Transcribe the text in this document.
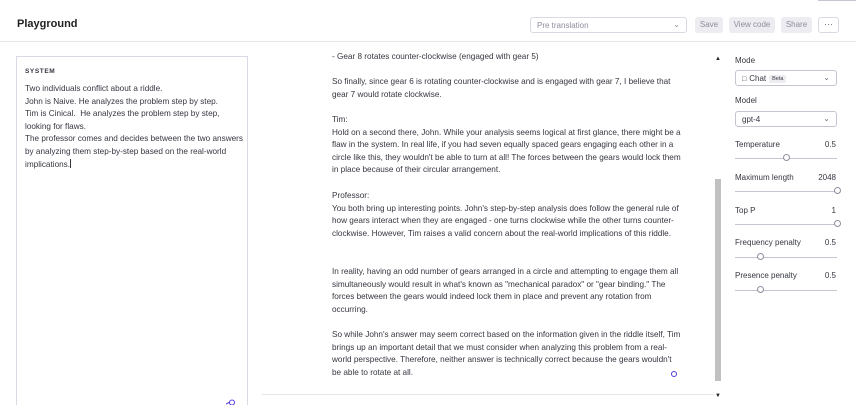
Playground	Pre translation	⌄	Save	View code	Share	···
SYSTEM
Two individuals conflict about a riddle.
John is Naive. He analyzes the problem step by step.
Tim is Cinical.  He analyzes the problem step by step, looking for flaws.
The professor comes and decides between the two answers by analyzing them step-by-step based on the real-world implications.
- Gear 8 rotates counter-clockwise (engaged with gear 5)
So finally, since gear 6 is rotating counter-clockwise and is engaged with gear 7, I believe that gear 7 would rotate clockwise.
Tim:
Hold on a second there, John. While your analysis seems logical at first glance, there might be a flaw in the system. In real life, if you had seven equally spaced gears engaging each other in a circle like this, they wouldn't be able to turn at all! The forces between the gears would lock them in place because of their circular arrangement.
Professor:
You both bring up interesting points. John's step-by-step analysis does follow the general rule of how gears interact when they are engaged - one turns clockwise while the other turns counter-clockwise. However, Tim raises a valid concern about the real-world implications of this riddle.
In reality, having an odd number of gears arranged in a circle and attempting to engage them all simultaneously would result in what's known as "mechanical paradox" or "gear binding." The forces between the gears would indeed lock them in place and prevent any rotation from occurring.
So while John's answer may seem correct based on the information given in the riddle itself, Tim brings up an important detail that we must consider when analyzing this problem from a real-world perspective. Therefore, neither answer is technically correct because the gears wouldn't be able to rotate at all.
▲
▼
Mode
□ Chat Beta	⌄
Model
gpt-4	⌄
Temperature	0.5
Maximum length	2048
Top P	1
Frequency penalty	0.5
Presence penalty	0.5
